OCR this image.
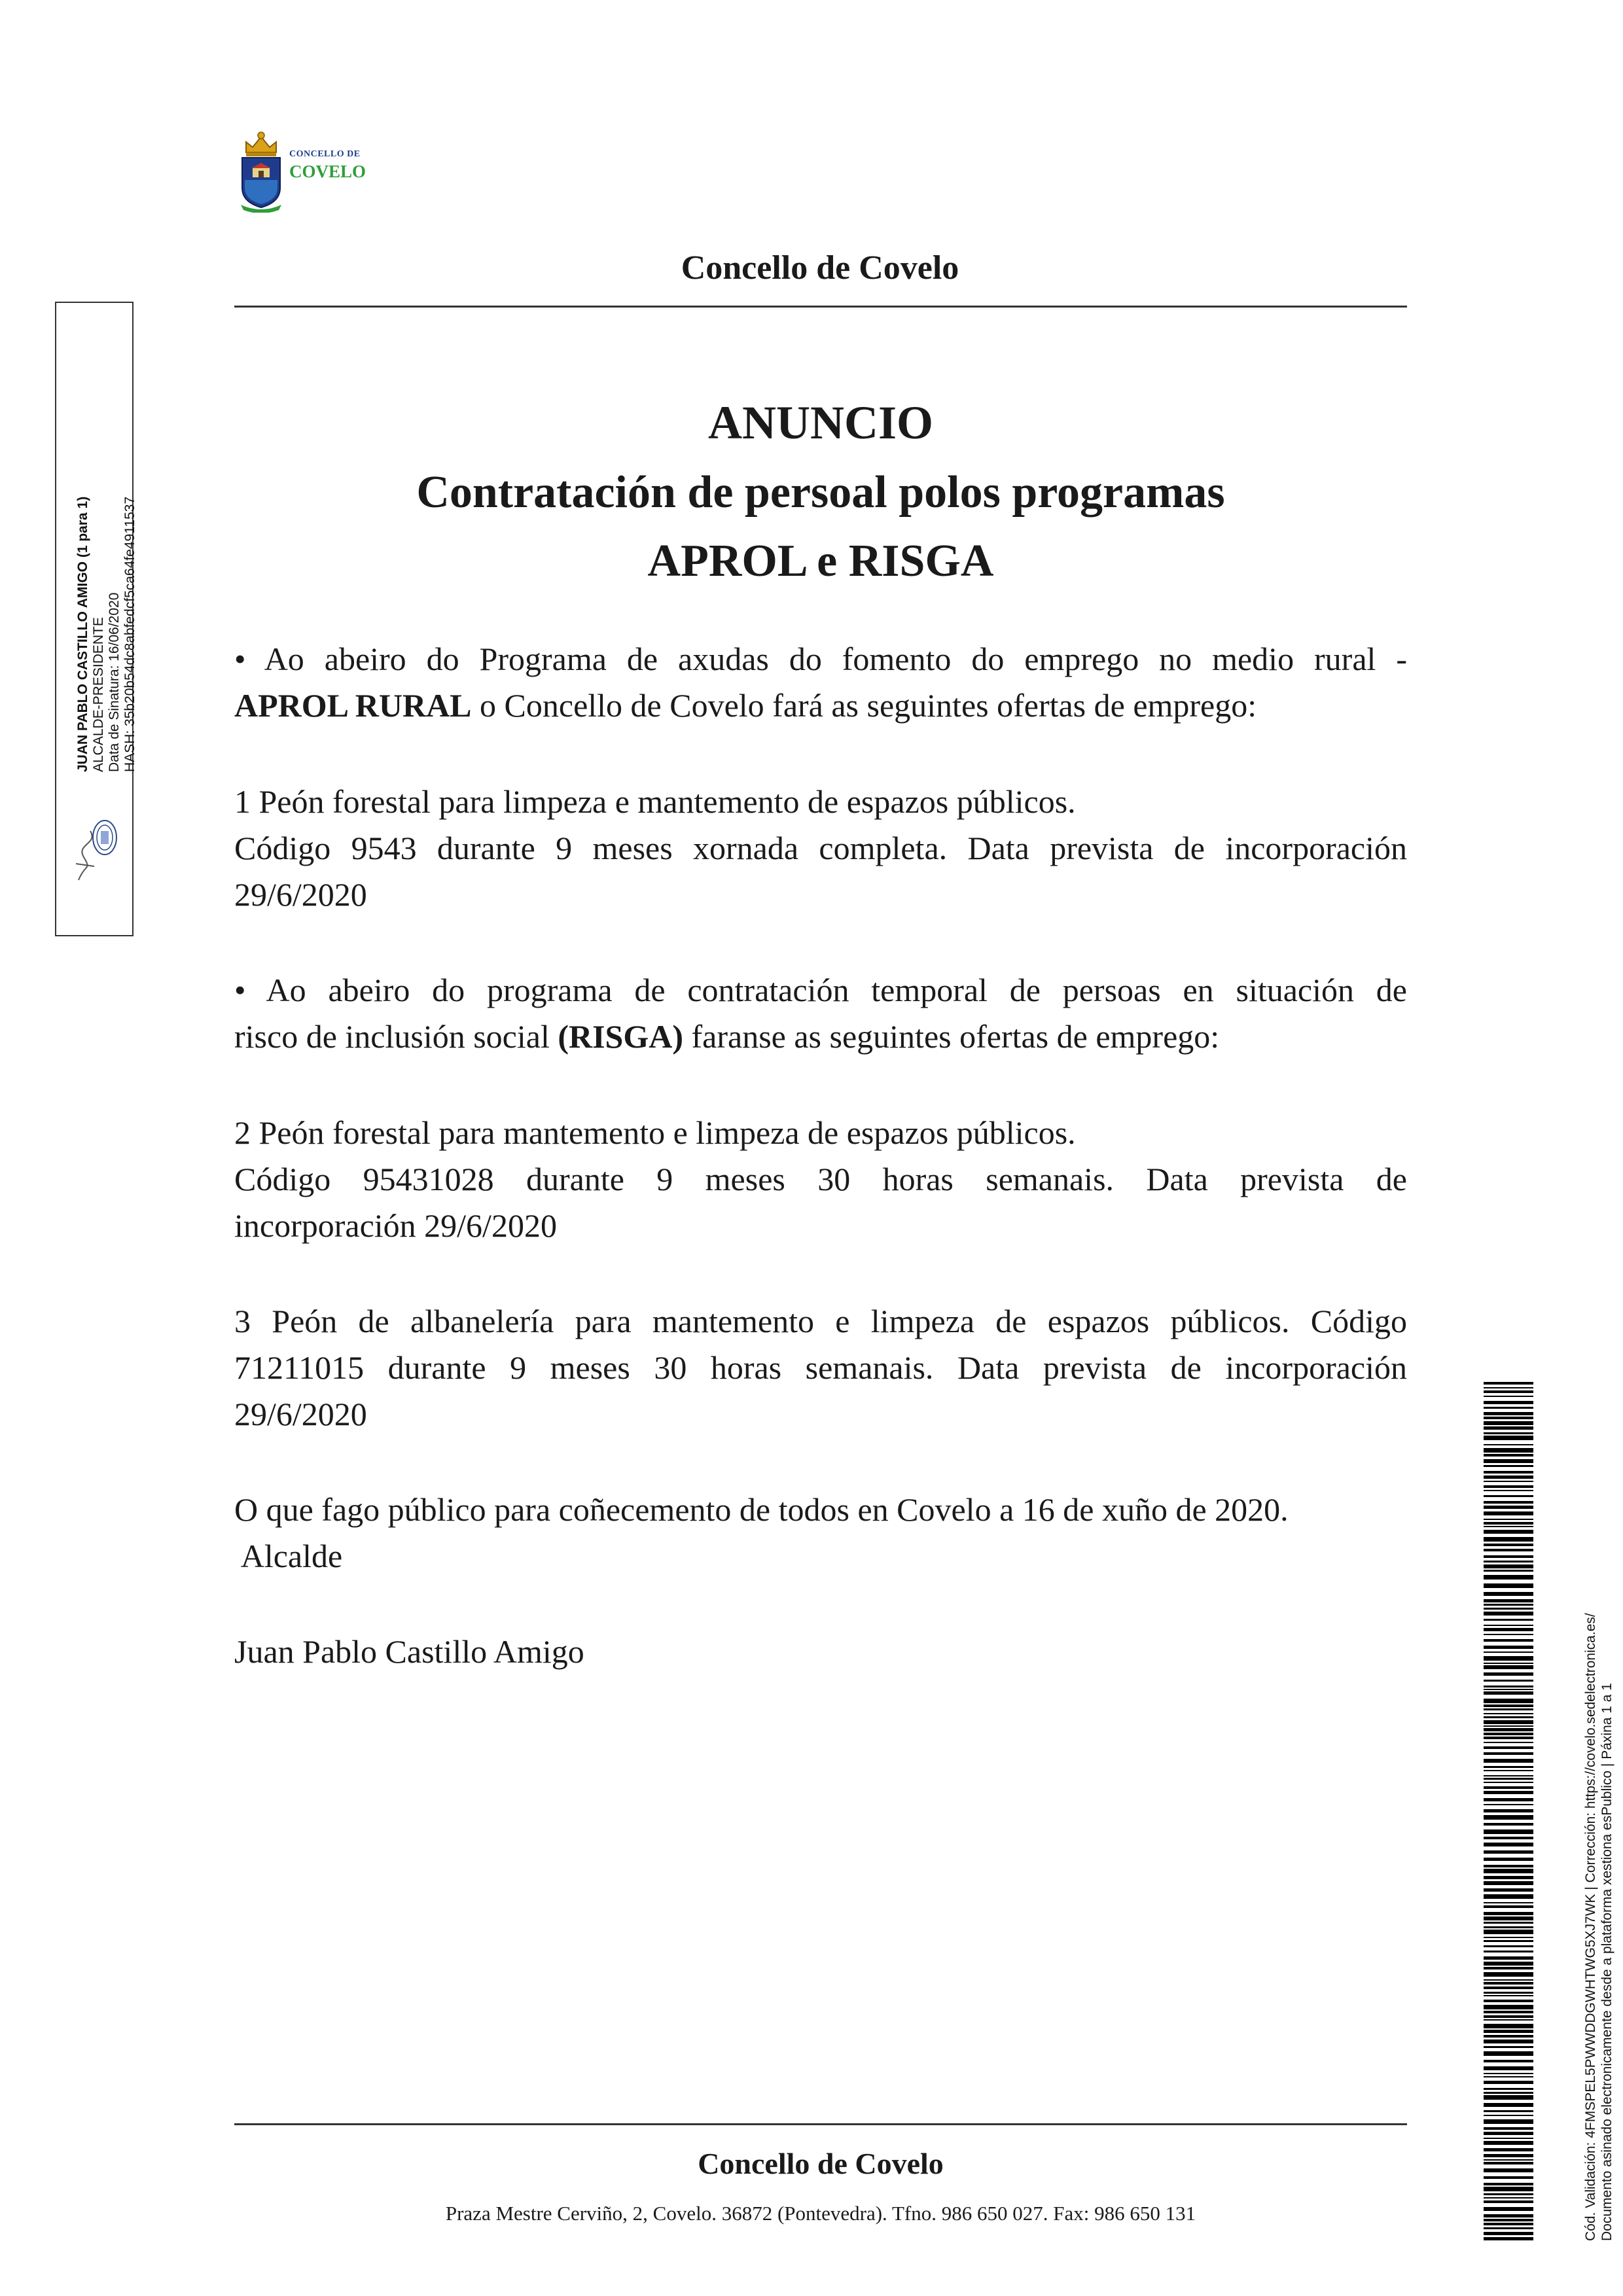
CONCELLO DE
COVELO
Concello de Covelo
ANUNCIO
Contratación de persoal polos programas
APROL e RISGA
• Ao abeiro do Programa de axudas do fomento do emprego no medio rural -
APROL RURAL o Concello de Covelo fará as seguintes ofertas de emprego:
1 Peón forestal para limpeza e mantemento de espazos públicos.
Código 9543 durante 9 meses xornada completa. Data prevista de incorporación
29/6/2020
• Ao abeiro do programa de contratación temporal de persoas en situación de
risco de inclusión social (RISGA) faranse as seguintes ofertas de emprego:
2 Peón forestal para mantemento e limpeza de espazos públicos.
Código 95431028 durante 9 meses 30 horas semanais. Data prevista de
incorporación 29/6/2020
3 Peón de albanelería para mantemento e limpeza de espazos públicos. Código
71211015 durante 9 meses 30 horas semanais. Data prevista de incorporación
29/6/2020
O que fago público para coñecemento de todos en Covelo a 16 de xuño de 2020.
Alcalde
Juan Pablo Castillo Amigo
Concello de Covelo
Praza Mestre Cerviño, 2, Covelo. 36872 (Pontevedra). Tfno. 986 650 027. Fax: 986 650 131
JUAN PABLO CASTILLO AMIGO (1 para 1) ALCALDE-PRESIDENTE Data de Sinatura: 16/06/2020 HASH: 35b20b54dc8abfedcf5ca64fe4911537
Cód. Validación: 4FMSPEL5PWWDDGWHTWG5XJ7WK | Corrección: https://covelo.sedelectronica.es/ Documento asinado electronicamente desde a plataforma xestiona esPublico | Páxina 1 a 1
